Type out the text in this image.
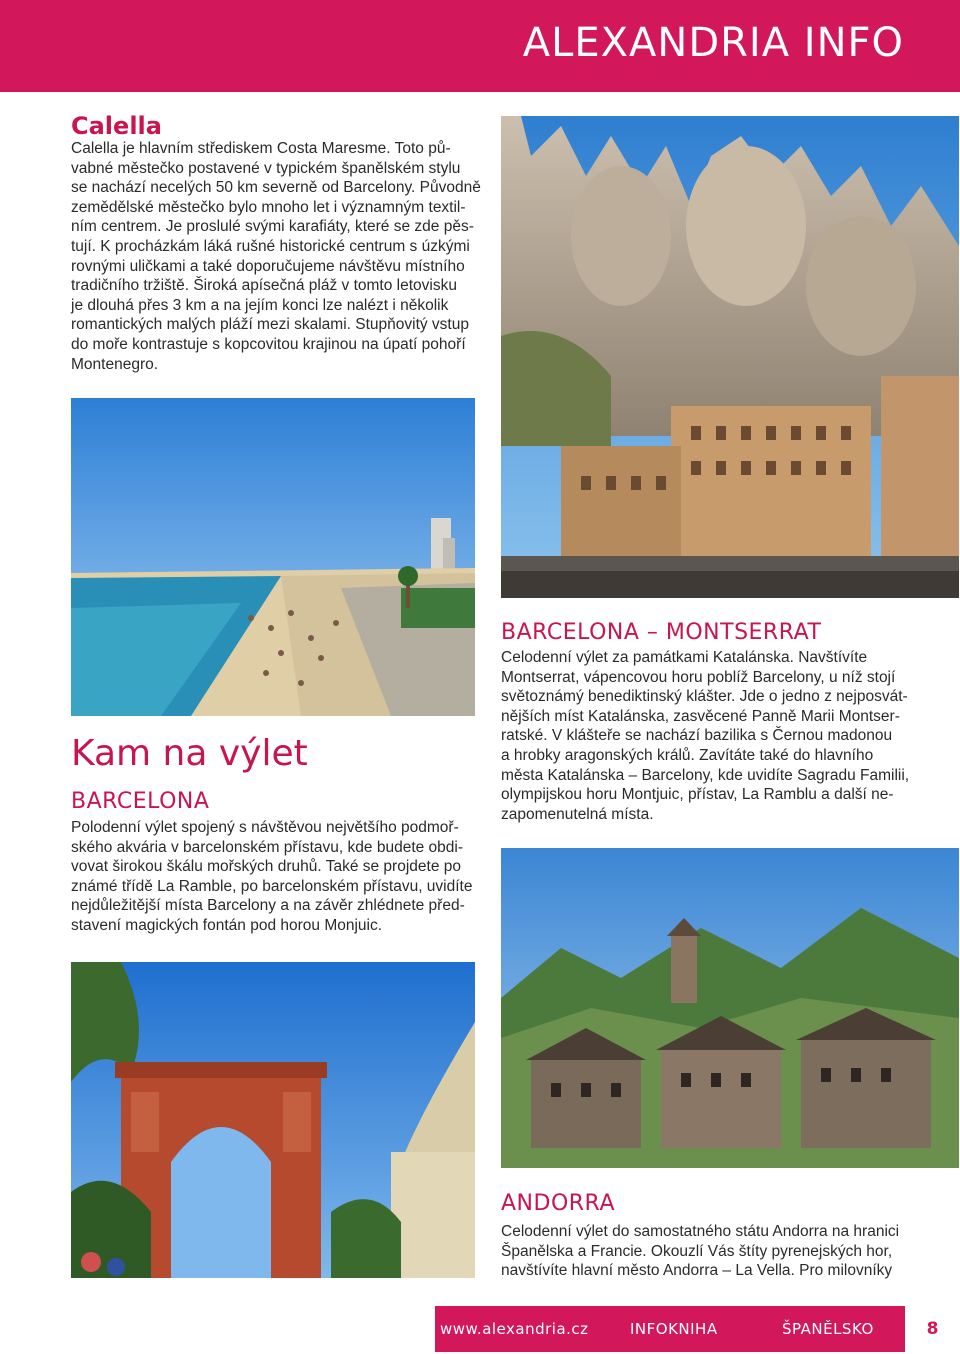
ALEXANDRIA INFO
Calella

Calella je hlavním střediskem Costa Maresme. Toto pů-

vabné městečko postavené v typickém španělském stylu

se nachází necelých 50 km severně od Barcelony. Původně

zemědělské městečko bylo mnoho let i významným textil-

ním centrem. Je proslulé svými karafiáty, které se zde pěs-

tují. K procházkám láká rušné historické centrum s úzkými

rovnými uličkami a také doporučujeme návštěvu místního

tradičního tržiště. Široká apísečná pláž v tomto letovisku

je dlouhá přes 3 km a na jejím konci lze nalézt i několik

romantických malých pláží mezi skalami. Stupňovitý vstup

do moře kontrastuje s kopcovitou krajinou na úpatí pohoří

Montenegro.

BARCELONA – MONTSERRAT

Celodenní výlet za památkami Katalánska. Navštívíte

Montserrat, vápencovou horu poblíž Barcelony, u níž stojí

světoznámý benediktinský klášter. Jde o jedno z nejposvát-

nějších míst Katalánska, zasvěcené Panně Marii Montser-

ratské. V klášteře se nachází bazilika s Černou madonou

a hrobky aragonských králů. Zavítáte také do hlavního

města Katalánska – Barcelony, kde uvidíte Sagradu Familii,

olympijskou horu Montjuic, přístav, La Ramblu a další ne-

zapomenutelná místa.

Kam na výlet
BARCELONA

Polodenní výlet spojený s návštěvou největšího podmoř-

ského akvária v barcelonském přístavu, kde budete obdi-

vovat širokou škálu mořských druhů. Také se projdete po

známé třídě La Ramble, po barcelonském přístavu, uvidíte

nejdůležitější místa Barcelony a na závěr zhlédnete před-

stavení magických fontán pod horou Monjuic.

ANDORRA

Celodenní výlet do samostatného státu Andorra na hranici

Španělska a Francie. Okouzlí Vás štíty pyrenejských hor,

navštívíte hlavní město Andorra – La Vella. Pro milovníky

www.alexandria.cz	INFOKNIHA	ŠPANĚLSKO	8
